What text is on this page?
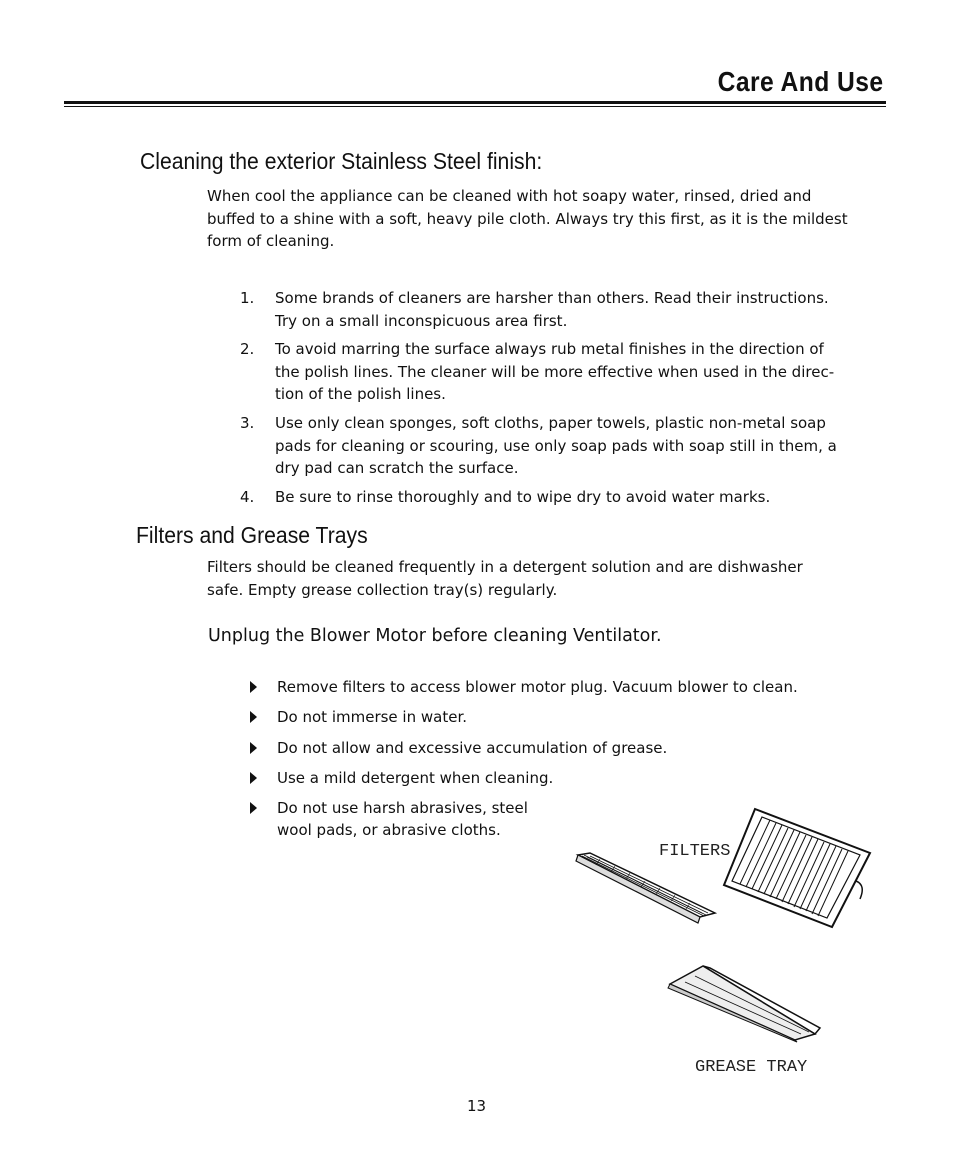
Care And Use
Cleaning the exterior Stainless Steel finish:
When cool the appliance can be cleaned with hot soapy water, rinsed, dried and
buffed to a shine with a soft, heavy pile cloth. Always try this first, as it is the mildest
form of cleaning.
1.	Some brands of cleaners are harsher than others. Read their instructions.
Try on a small inconspicuous area first.
2.	To avoid marring the surface always rub metal finishes in the direction of
the polish lines. The cleaner will be more effective when used in the direc-
tion of the polish lines.
3.	Use only clean sponges, soft cloths, paper towels, plastic non-metal soap
pads for cleaning or scouring, use only soap pads with soap still in them, a
dry pad can scratch the surface.
4.	Be sure to rinse thoroughly and to wipe dry to avoid water marks.
Filters and Grease Trays
Filters should be cleaned frequently in a detergent solution and are dishwasher
safe. Empty grease collection tray(s) regularly.
Unplug the Blower Motor before cleaning Ventilator.
Remove filters to access blower motor plug. Vacuum blower to clean.
Do not immerse in water.
Do not allow and excessive accumulation of grease.
Use a mild detergent when cleaning.
Do not use harsh abrasives, steel
wool pads, or abrasive cloths.
FILTERS
GREASE TRAY
13
